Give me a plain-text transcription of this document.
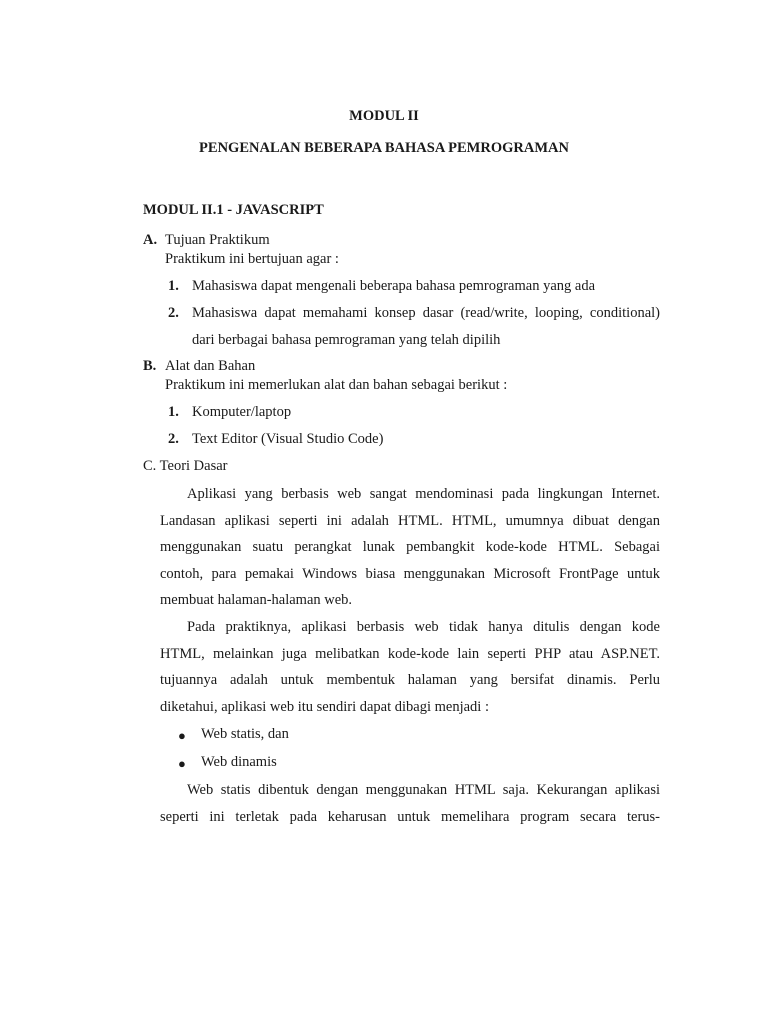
MODUL II
PENGENALAN BEBERAPA BAHASA PEMROGRAMAN
MODUL II.1 - JAVASCRIPT
A. Tujuan Praktikum
Praktikum ini bertujuan agar :
1. Mahasiswa dapat mengenali beberapa bahasa pemrograman yang ada
2. Mahasiswa dapat memahami konsep dasar (read/write, looping, conditional)
dari berbagai bahasa pemrograman yang telah dipilih
B. Alat dan Bahan
Praktikum ini memerlukan alat dan bahan sebagai berikut :
1. Komputer/laptop
2. Text Editor (Visual Studio Code)
C. Teori Dasar
Aplikasi yang berbasis web sangat mendominasi pada lingkungan Internet.
Landasan aplikasi seperti ini adalah HTML. HTML, umumnya dibuat dengan
menggunakan suatu perangkat lunak pembangkit kode-kode HTML. Sebagai
contoh, para pemakai Windows biasa menggunakan Microsoft FrontPage untuk
membuat halaman-halaman web.
Pada praktiknya, aplikasi berbasis web tidak hanya ditulis dengan kode
HTML, melainkan juga melibatkan kode-kode lain seperti PHP atau ASP.NET.
tujuannya adalah untuk membentuk halaman yang bersifat dinamis. Perlu
diketahui, aplikasi web itu sendiri dapat dibagi menjadi :
● Web statis, dan
● Web dinamis
Web statis dibentuk dengan menggunakan HTML saja. Kekurangan aplikasi
seperti ini terletak pada keharusan untuk memelihara program secara terus-
